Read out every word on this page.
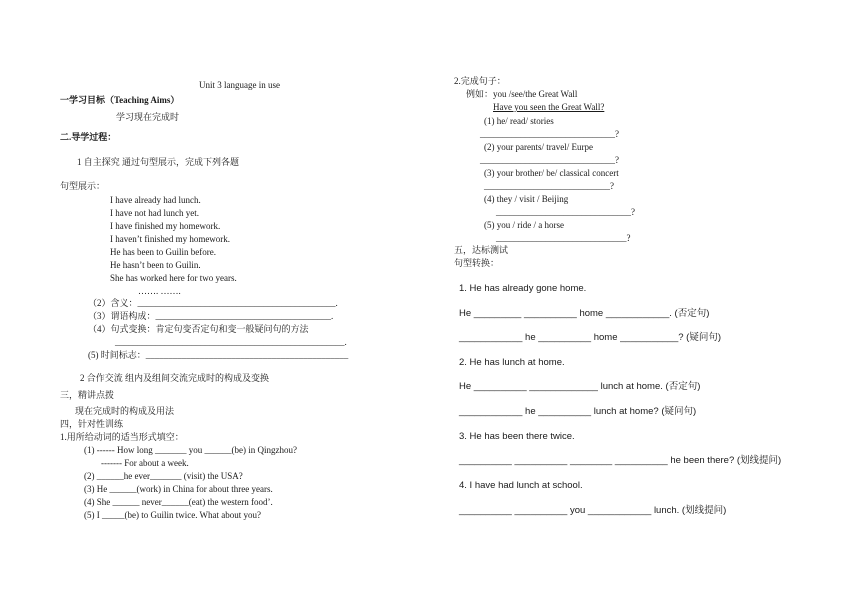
Unit 3 language in use
一学习目标（Teaching Aims）
学习现在完成时
二.导学过程：
1 自主探究 通过句型展示，完成下列各题
句型展示：
I have already had lunch.
I have not had lunch yet.
I have finished my homework.
I haven’t finished my homework.
He has been to Guilin before.
He hasn’t been to Guilin.
She has worked here for two years.
……. …….
（2）含义：____________________________________________.
（3）谓语构成：_______________________________________.
（4）句式变换：肯定句变否定句和变一般疑问句的方法
___________________________________________________.
(5) 时间标志：_____________________________________________
2 合作交流 组内及组间交流完成时的构成及变换
三，精讲点拨
现在完成时的构成及用法
四，针对性训练
1.用所给动词的适当形式填空：
(1) ------ How long _______ you ______(be) in Qingzhou?
------- For about a week.
(2) ______he ever_______ (visit) the USA?
(3) He ______(work) in China for about three years.
(4) She ______ never______(eat) the western food’.
(5) I _____(be) to Guilin twice. What about you?
2.完成句子：
例如：you /see/the Great Wall
Have you seen the Great Wall?
(1) he/ read/ stories
______________________________?
(2) your parents/ travel/ Eurpe
______________________________?
(3) your brother/ be/ classical concert
____________________________?
(4) they / visit / Beijing
______________________________?
(5) you / ride / a horse
_____________________________?
五，达标测试
句型转换：
1. He has already gone home.
He _________ __________ home ____________. (否定句)
____________ he __________ home ___________? (疑问句)
2. He has lunch at home.
He __________ _____________ lunch at home. (否定句)
____________ he __________ lunch at home? (疑问句)
3. He has been there twice.
__________ __________ ________ __________ he been there? (划线提问)
4. I have had lunch at school.
__________ __________ you ____________ lunch. (划线提问)
